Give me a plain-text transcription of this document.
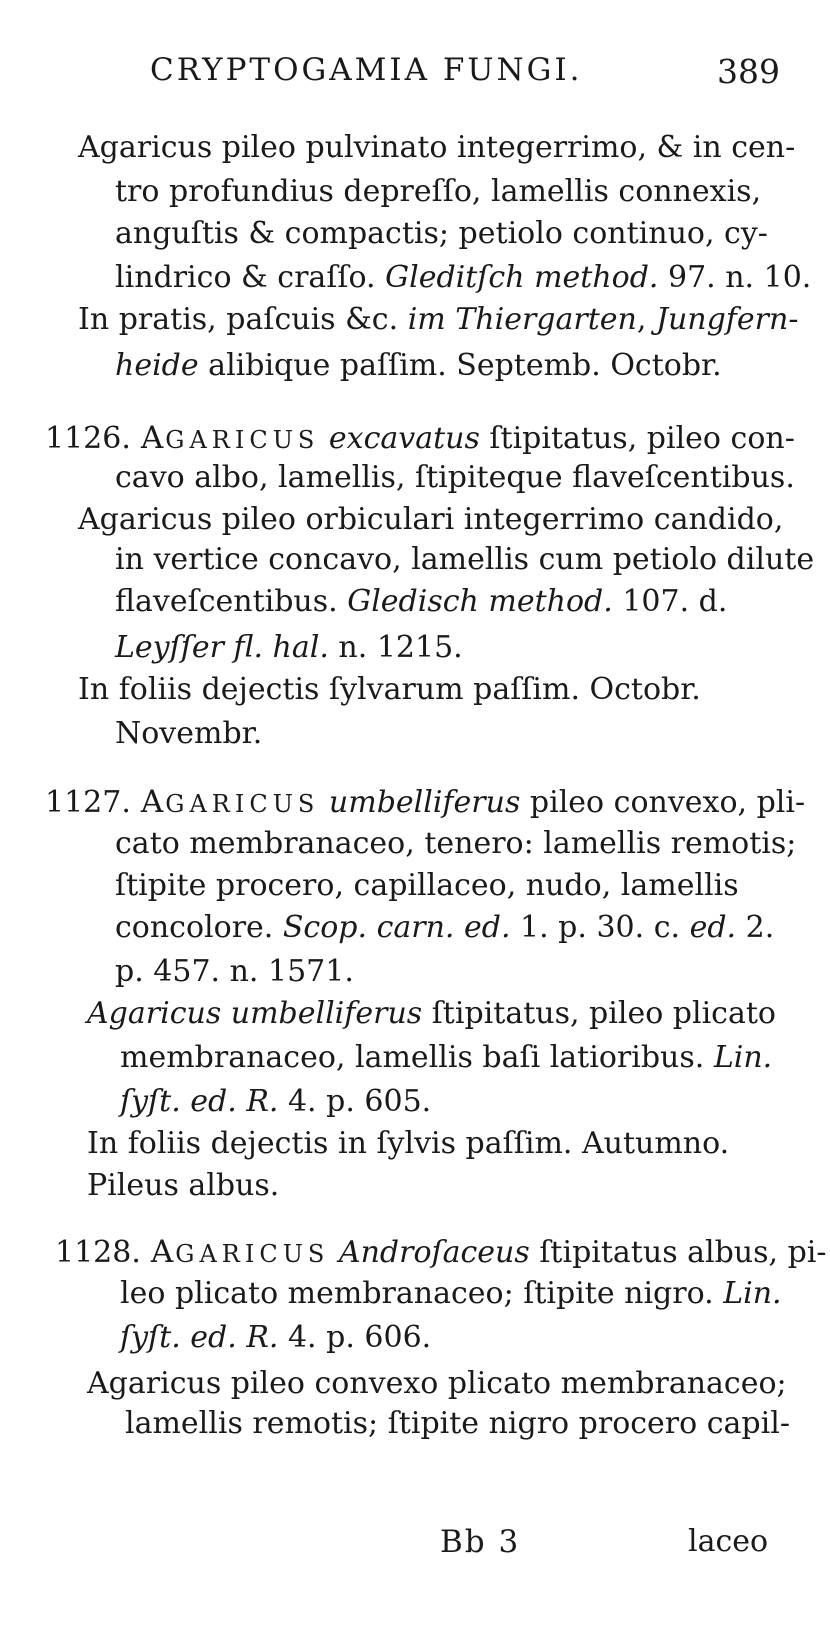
CRYPTOGAMIA FUNGI.	389
Agaricus pileo pulvinato integerrimo, & in cen-
tro profundius depreſſo, lamellis connexis,
anguſtis & compactis; petiolo continuo, cy-
lindrico & craſſo. Gleditſch method. 97. n. 10.
In pratis, paſcuis &c. im Thiergarten, Jungfern-
heide alibique paſſim. Septemb. Octobr.
1126. AGARICUS excavatus ſtipitatus, pileo con-
cavo albo, lamellis, ſtipiteque flaveſcentibus.
Agaricus pileo orbiculari integerrimo candido,
in vertice concavo, lamellis cum petiolo dilute
flaveſcentibus. Gledisch method. 107. d.
Leyſſer fl. hal. n. 1215.
In foliis dejectis ſylvarum paſſim. Octobr.
Novembr.
1127. AGARICUS umbelliferus pileo convexo, pli-
cato membranaceo, tenero: lamellis remotis;
ſtipite procero, capillaceo, nudo, lamellis
concolore. Scop. carn. ed. 1. p. 30. c. ed. 2.
p. 457. n. 1571.
Agaricus umbelliferus ſtipitatus, pileo plicato
membranaceo, lamellis baſi latioribus. Lin.
ſyſt. ed. R. 4. p. 605.
In foliis dejectis in ſylvis paſſim. Autumno.
Pileus albus.
1128. AGARICUS Androſaceus ſtipitatus albus, pi-
leo plicato membranaceo; ſtipite nigro. Lin.
ſyſt. ed. R. 4. p. 606.
Agaricus pileo convexo plicato membranaceo;
lamellis remotis; ſtipite nigro procero capil-
Bb 3	laceo
